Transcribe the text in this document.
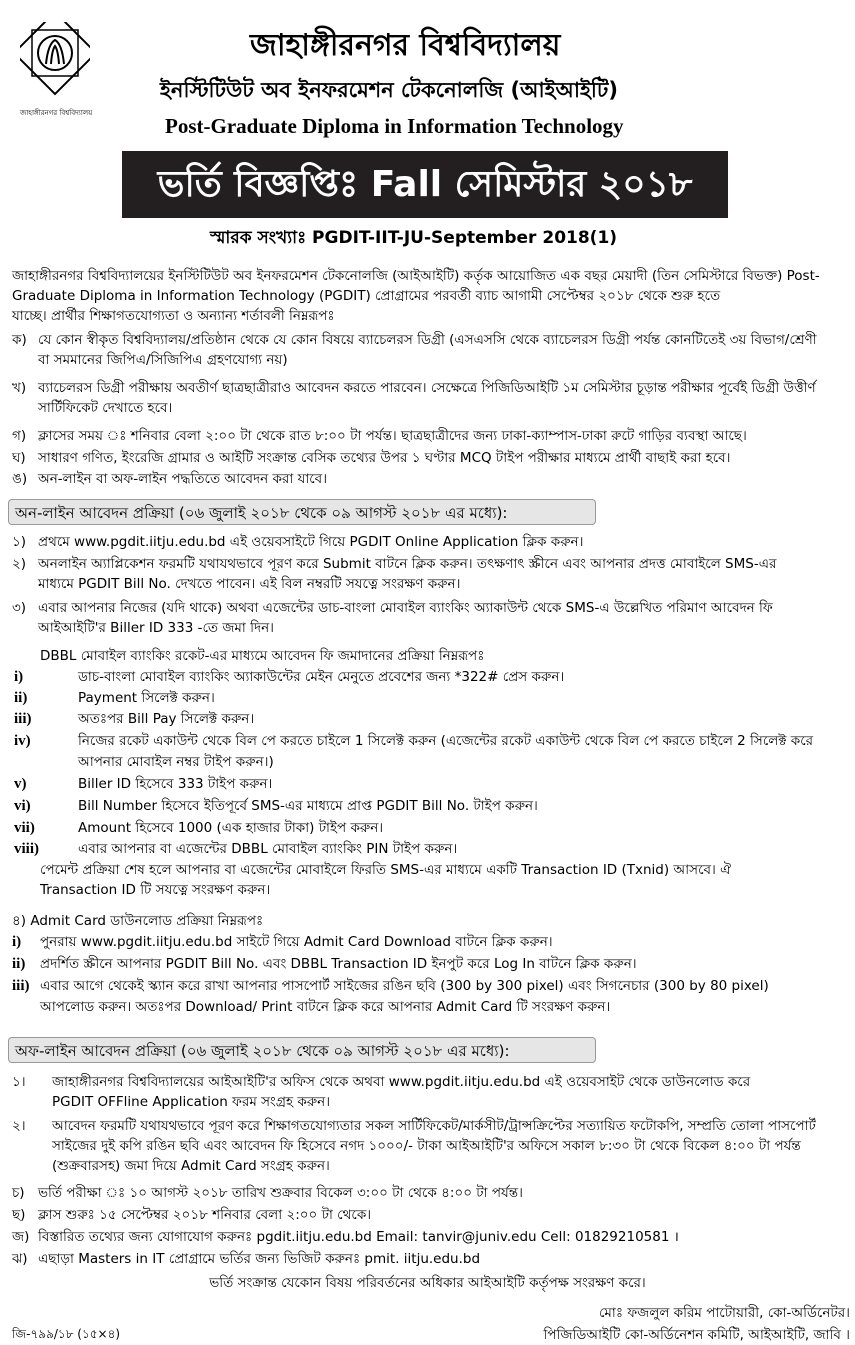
জাহাঙ্গীরনগর বিশ্ববিদ্যালয়
জাহাঙ্গীরনগর বিশ্ববিদ্যালয়
ইনস্টিটিউট অব ইনফরমেশন টেকনোলজি (আইআইটি)
Post-Graduate Diploma in Information Technology
ভর্তি বিজ্ঞপ্তিঃ Fall সেমিস্টার ২০১৮
স্মারক সংখ্যাঃ PGDIT-IIT-JU-September 2018(1)
জাহাঙ্গীরনগর বিশ্ববিদ্যালয়ের ইনস্টিটিউট অব ইনফরমেশন টেকনোলজি (আইআইটি) কর্তৃক আয়োজিত এক বছর মেয়াদী (তিন সেমিস্টারে বিভক্ত) Post-
Graduate Diploma in Information Technology (PGDIT) প্রোগ্রামের পরবর্তী ব্যাচ আগামী সেপ্টেম্বর ২০১৮ থেকে শুরু হতে
যাচ্ছে। প্রার্থীর শিক্ষাগতযোগ্যতা ও অন্যান্য শর্তাবলী নিম্নরূপঃ
ক) যে কোন স্বীকৃত বিশ্ববিদ্যালয়/প্রতিষ্ঠান থেকে যে কোন বিষয়ে ব্যাচেলরস ডিগ্রী (এসএসসি থেকে ব্যাচেলরস ডিগ্রী পর্যন্ত কোনটিতেই ৩য় বিভাগ/শ্রেণী
বা সমমানের জিপিএ/সিজিপিএ গ্রহণযোগ্য নয়)
খ) ব্যাচেলরস ডিগ্রী পরীক্ষায় অবতীর্ণ ছাত্রছাত্রীরাও আবেদন করতে পারবেন। সেক্ষেত্রে পিজিডিআইটি ১ম সেমিস্টার চূড়ান্ত পরীক্ষার পূর্বেই ডিগ্রী উত্তীর্ণ
সার্টিফিকেট দেখাতে হবে।
গ) ক্লাসের সময় ঃ শনিবার বেলা ২:০০ টা থেকে রাত ৮:০০ টা পর্যন্ত। ছাত্রছাত্রীদের জন্য ঢাকা-ক্যাম্পাস-ঢাকা রুটে গাড়ির ব্যবস্থা আছে।
ঘ) সাধারণ গণিত, ইংরেজি গ্রামার ও আইটি সংক্রান্ত বেসিক তথ্যের উপর ১ ঘণ্টার MCQ টাইপ পরীক্ষার মাধ্যমে প্রার্থী বাছাই করা হবে।
ঙ) অন-লাইন বা অফ-লাইন পদ্ধতিতে আবেদন করা যাবে।
অন-লাইন আবেদন প্রক্রিয়া (০৬ জুলাই ২০১৮ থেকে ০৯ আগস্ট ২০১৮ এর মধ্যে):
১) প্রথমে www.pgdit.iitju.edu.bd এই ওয়েবসাইটে গিয়ে PGDIT Online Application ক্লিক করুন।
২) অনলাইন অ্যাপ্লিকেশন ফরমটি যথাযথভাবে পূরণ করে Submit বাটনে ক্লিক করুন। তৎক্ষণাৎ স্ক্রীনে এবং আপনার প্রদত্ত মোবাইলে SMS-এর
মাধ্যমে PGDIT Bill No. দেখতে পাবেন। এই বিল নম্বরটি সযত্নে সংরক্ষণ করুন।
৩) এবার আপনার নিজের (যদি থাকে) অথবা এজেন্টের ডাচ-বাংলা মোবাইল ব্যাংকিং অ্যাকাউন্ট থেকে SMS-এ উল্লেখিত পরিমাণ আবেদন ফি
আইআইটি'র Biller ID 333 -তে জমা দিন।
DBBL মোবাইল ব্যাংকিং রকেট-এর মাধ্যমে আবেদন ফি জমাদানের প্রক্রিয়া নিম্নরূপঃ
i)	ডাচ-বাংলা মোবাইল ব্যাংকিং অ্যাকাউন্টের মেইন মেনুতে প্রবেশের জন্য *322# প্রেস করুন।
ii)	Payment সিলেক্ট করুন।
iii)	অতঃপর Bill Pay সিলেক্ট করুন।
iv)	নিজের রকেট একাউন্ট থেকে বিল পে করতে চাইলে 1 সিলেক্ট করুন (এজেন্টের রকেট একাউন্ট থেকে বিল পে করতে চাইলে 2 সিলেক্ট করে
আপনার মোবাইল নম্বর টাইপ করুন।)
v)	Biller ID হিসেবে 333 টাইপ করুন।
vi)	Bill Number হিসেবে ইতিপূর্বে SMS-এর মাধ্যমে প্রাপ্ত PGDIT Bill No. টাইপ করুন।
vii)	Amount হিসেবে 1000 (এক হাজার টাকা) টাইপ করুন।
viii)	এবার আপনার বা এজেন্টের DBBL মোবাইল ব্যাংকিং PIN টাইপ করুন।
পেমেন্ট প্রক্রিয়া শেষ হলে আপনার বা এজেন্টের মোবাইলে ফিরতি SMS-এর মাধ্যমে একটি Transaction ID (Txnid) আসবে। ঐ
Transaction ID টি সযত্নে সংরক্ষণ করুন।
৪) Admit Card ডাউনলোড প্রক্রিয়া নিম্নরূপঃ
i) পুনরায় www.pgdit.iitju.edu.bd সাইটে গিয়ে Admit Card Download বাটনে ক্লিক করুন।
ii) প্রদর্শিত স্ক্রীনে আপনার PGDIT Bill No. এবং DBBL Transaction ID ইনপুট করে Log In বাটনে ক্লিক করুন।
iii) এবার আগে থেকেই স্ক্যান করে রাখা আপনার পাসপোর্ট সাইজের রঙিন ছবি (300 by 300 pixel) এবং সিগনেচার (300 by 80 pixel)
আপলোড করুন। অতঃপর Download/ Print বাটনে ক্লিক করে আপনার Admit Card টি সংরক্ষণ করুন।
অফ-লাইন আবেদন প্রক্রিয়া (০৬ জুলাই ২০১৮ থেকে ০৯ আগস্ট ২০১৮ এর মধ্যে):
১। জাহাঙ্গীরনগর বিশ্ববিদ্যালয়ের আইআইটি'র অফিস থেকে অথবা www.pgdit.iitju.edu.bd এই ওয়েবসাইট থেকে ডাউনলোড করে
PGDIT OFFline Application ফরম সংগ্রহ করুন।
২। আবেদন ফরমটি যথাযথভাবে পূরণ করে শিক্ষাগতযোগ্যতার সকল সার্টিফিকেট/মার্কসীট/ট্রান্সক্রিপ্টের সত্যায়িত ফটোকপি, সম্প্রতি তোলা পাসপোর্ট
সাইজের দুই কপি রঙিন ছবি এবং আবেদন ফি হিসেবে নগদ ১০০০/- টাকা আইআইটি'র অফিসে সকাল ৮:৩০ টা থেকে বিকেল ৪:০০ টা পর্যন্ত
(শুক্রবারসহ) জমা দিয়ে Admit Card সংগ্রহ করুন।
চ) ভর্তি পরীক্ষা ঃ ১০ আগস্ট ২০১৮ তারিখ শুক্রবার বিকেল ৩:০০ টা থেকে ৪:০০ টা পর্যন্ত।
ছ) ক্লাস শুরুঃ ১৫ সেপ্টেম্বর ২০১৮ শনিবার বেলা ২:০০ টা থেকে।
জ) বিস্তারিত তথ্যের জন্য যোগাযোগ করুনঃ pgdit.iitju.edu.bd Email: tanvir@juniv.edu Cell: 01829210581 ।
ঝ) এছাড়া Masters in IT প্রোগ্রামে ভর্তির জন্য ভিজিট করুনঃ pmit. iitju.edu.bd
ভর্তি সংক্রান্ত যেকোন বিষয় পরিবর্তনের অধিকার আইআইটি কর্তৃপক্ষ সংরক্ষণ করে।
মোঃ ফজলুল করিম পাটোয়ারী, কো-অর্ডিনেটর।
জি-৭৯৯/১৮ (১৫×৪)	পিজিডিআইটি কো-অর্ডিনেশন কমিটি, আইআইটি, জাবি ।
